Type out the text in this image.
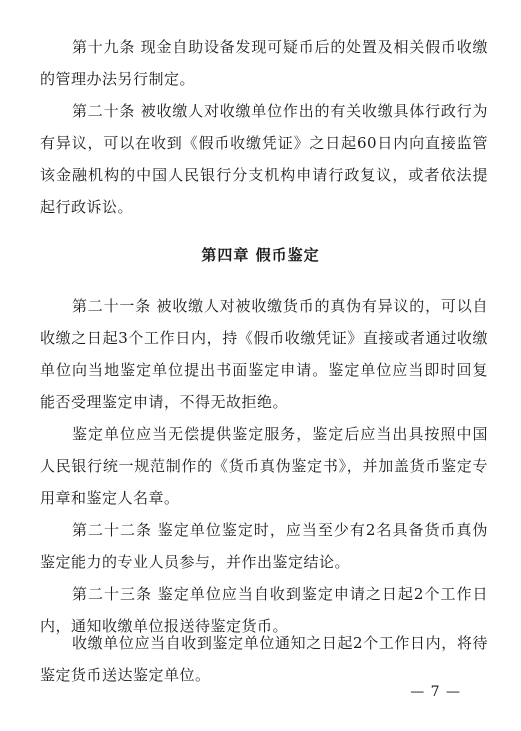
第十九条 现金自助设备发现可疑币后的处置及相关假币收缴的管理办法另行制定。

第二十条 被收缴人对收缴单位作出的有关收缴具体行政行为有异议，可以在收到《假币收缴凭证》之日起60日内向直接监管该金融机构的中国人民银行分支机构申请行政复议，或者依法提起行政诉讼。

第四章 假币鉴定

第二十一条 被收缴人对被收缴货币的真伪有异议的，可以自收缴之日起3个工作日内，持《假币收缴凭证》直接或者通过收缴单位向当地鉴定单位提出书面鉴定申请。鉴定单位应当即时回复能否受理鉴定申请，不得无故拒绝。

鉴定单位应当无偿提供鉴定服务，鉴定后应当出具按照中国人民银行统一规范制作的《货币真伪鉴定书》，并加盖货币鉴定专用章和鉴定人名章。

第二十二条 鉴定单位鉴定时，应当至少有2名具备货币真伪鉴定能力的专业人员参与，并作出鉴定结论。

第二十三条 鉴定单位应当自收到鉴定申请之日起2个工作日内，通知收缴单位报送待鉴定货币。

收缴单位应当自收到鉴定单位通知之日起2个工作日内，将待鉴定货币送达鉴定单位。

— 7 —
